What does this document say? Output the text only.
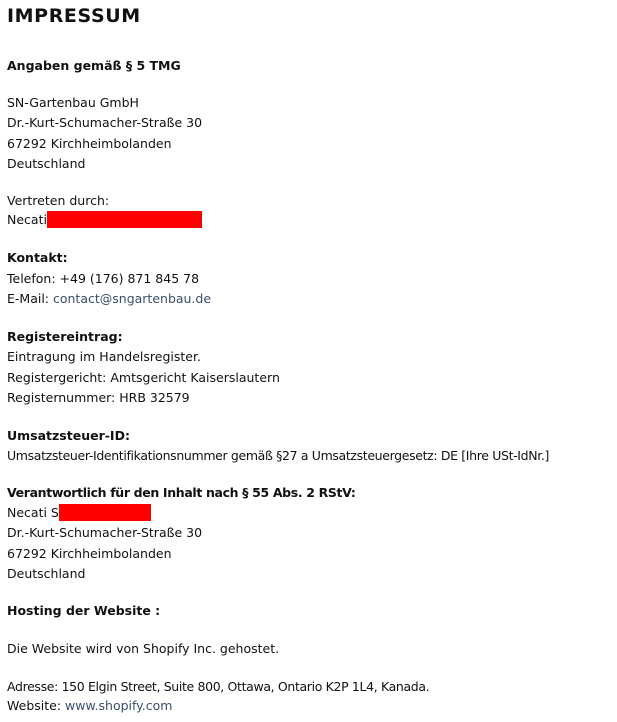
IMPRESSUM
Angaben gemäß § 5 TMG
SN-Gartenbau GmbH
Dr.-Kurt-Schumacher-Straße 30
67292 Kirchheimbolanden
Deutschland
Vertreten durch:
Necati
Kontakt:
Telefon: +49 (176) 871 845 78
E-Mail: contact@sngartenbau.de
Registereintrag:
Eintragung im Handelsregister.
Registergericht: Amtsgericht Kaiserslautern
Registernummer: HRB 32579
Umsatzsteuer-ID:
Umsatzsteuer-Identifikationsnummer gemäß §27 a Umsatzsteuergesetz: DE [Ihre USt-IdNr.]
Verantwortlich für den Inhalt nach § 55 Abs. 2 RStV:
Necati S
Dr.-Kurt-Schumacher-Straße 30
67292 Kirchheimbolanden
Deutschland
Hosting der Website :
Die Website wird von Shopify Inc. gehostet.
Adresse: 150 Elgin Street, Suite 800, Ottawa, Ontario K2P 1L4, Kanada.
Website: www.shopify.com
